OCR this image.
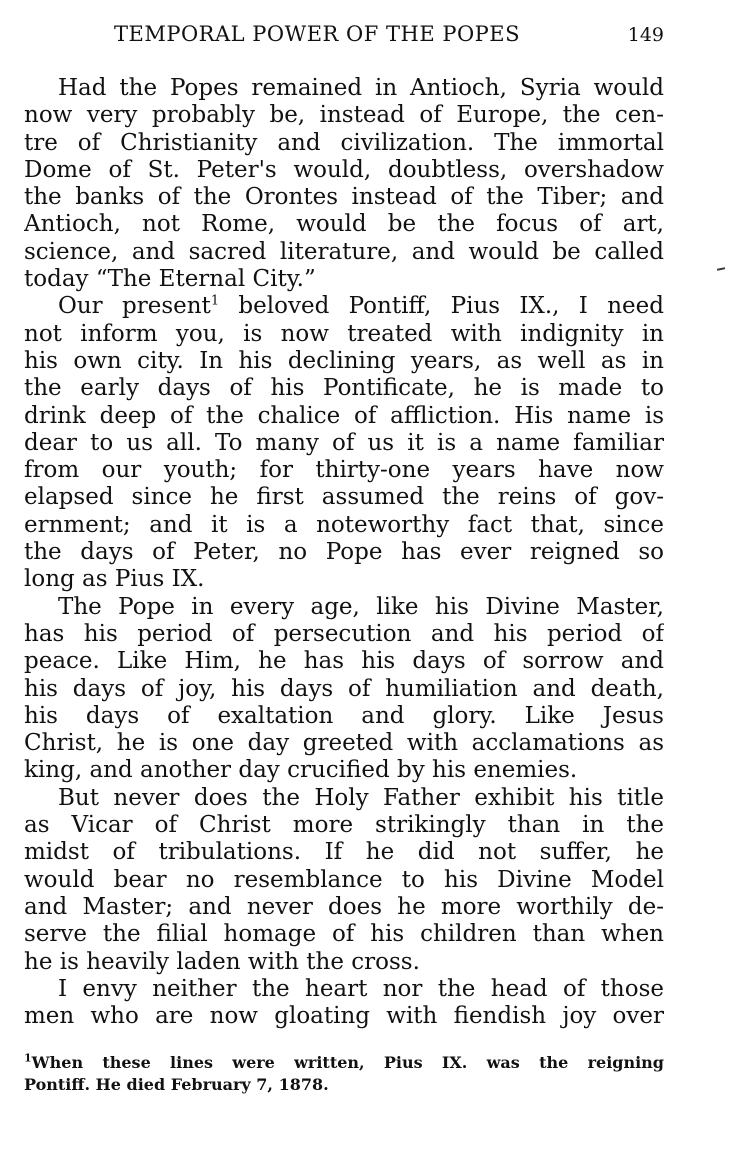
TEMPORAL POWER OF THE POPES	149
Had the Popes remained in Antioch, Syria would
now very probably be, instead of Europe, the cen-
tre of Christianity and civilization. The immortal
Dome of St. Peter's would, doubtless, overshadow
the banks of the Orontes instead of the Tiber; and
Antioch, not Rome, would be the focus of art,
science, and sacred literature, and would be called
today “The Eternal City.”
Our present$^1$ beloved Pontiff, Pius IX., I need
not inform you, is now treated with indignity in
his own city. In his declining years, as well as in
the early days of his Pontificate, he is made to
drink deep of the chalice of affliction. His name is
dear to us all. To many of us it is a name familiar
from our youth; for thirty-one years have now
elapsed since he first assumed the reins of gov-
ernment; and it is a noteworthy fact that, since
the days of Peter, no Pope has ever reigned so
long as Pius IX.
The Pope in every age, like his Divine Master,
has his period of persecution and his period of
peace. Like Him, he has his days of sorrow and
his days of joy, his days of humiliation and death,
his days of exaltation and glory. Like Jesus
Christ, he is one day greeted with acclamations as
king, and another day crucified by his enemies.
But never does the Holy Father exhibit his title
as Vicar of Christ more strikingly than in the
midst of tribulations. If he did not suffer, he
would bear no resemblance to his Divine Model
and Master; and never does he more worthily de-
serve the filial homage of his children than when
he is heavily laden with the cross.
I envy neither the heart nor the head of those
men who are now gloating with fiendish joy over
$^1$When these lines were written, Pius IX. was the reigning
Pontiff. He died February 7, 1878.
